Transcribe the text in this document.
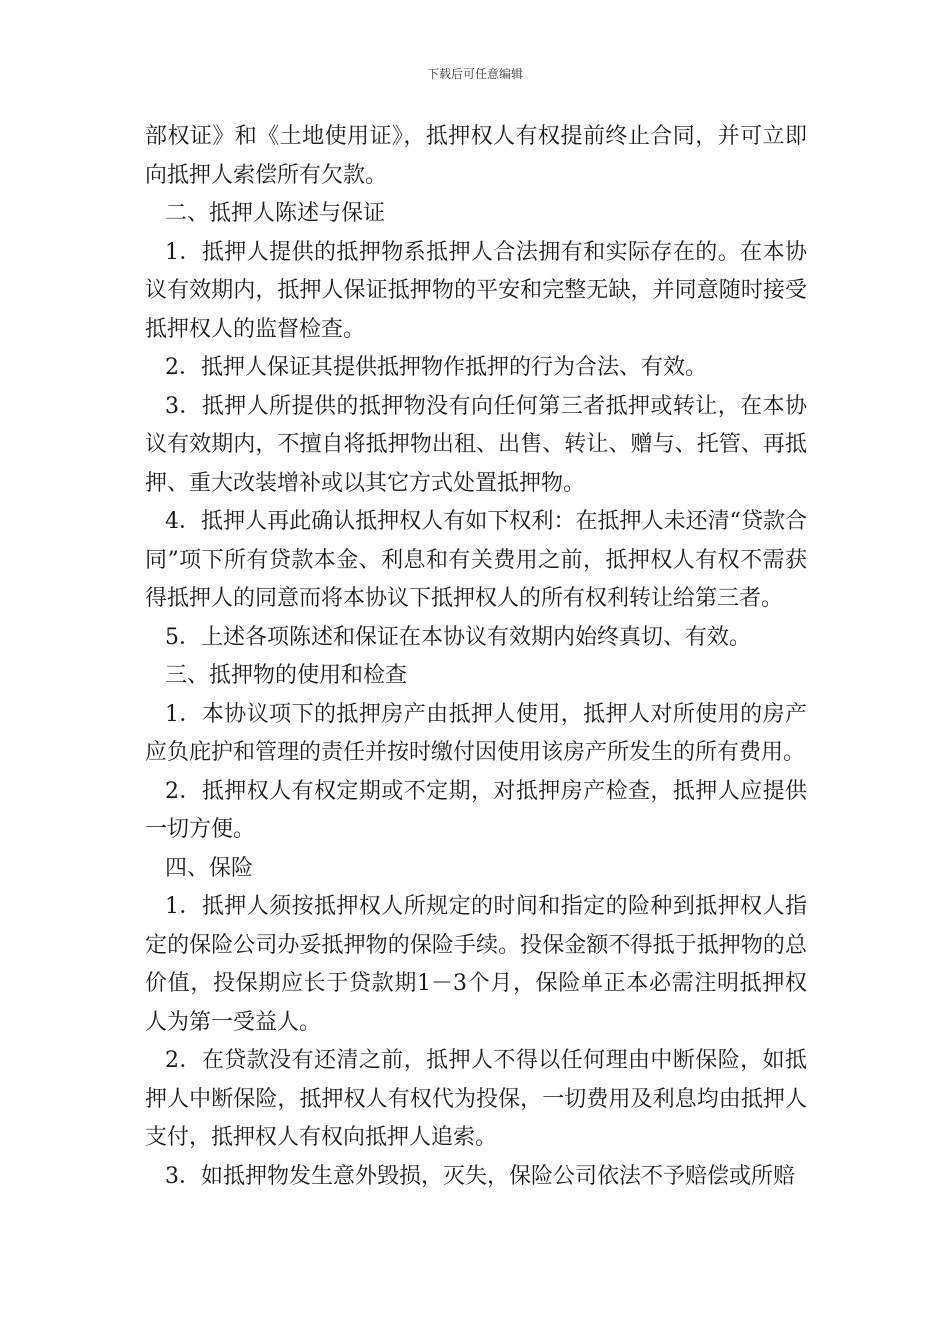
下载后可任意编辑

部权证》和《土地使用证》，抵押权人有权提前终止合同，并可立即向抵押人索偿所有欠款。

二、抵押人陈述与保证

1．抵押人提供的抵押物系抵押人合法拥有和实际存在的。在本协议有效期内，抵押人保证抵押物的平安和完整无缺，并同意随时接受抵押权人的监督检查。

2．抵押人保证其提供抵押物作抵押的行为合法、有效。

3．抵押人所提供的抵押物没有向任何第三者抵押或转让，在本协议有效期内，不擅自将抵押物出租、出售、转让、赠与、托管、再抵押、重大改装增补或以其它方式处置抵押物。

4．抵押人再此确认抵押权人有如下权利：在抵押人未还清“贷款合同”项下所有贷款本金、利息和有关费用之前，抵押权人有权不需获得抵押人的同意而将本协议下抵押权人的所有权利转让给第三者。

5．上述各项陈述和保证在本协议有效期内始终真切、有效。

三、抵押物的使用和检查

1．本协议项下的抵押房产由抵押人使用，抵押人对所使用的房产应负庇护和管理的责任并按时缴付因使用该房产所发生的所有费用。

2．抵押权人有权定期或不定期，对抵押房产检查，抵押人应提供一切方便。

四、保险

1．抵押人须按抵押权人所规定的时间和指定的险种到抵押权人指定的保险公司办妥抵押物的保险手续。投保金额不得抵于抵押物的总价值，投保期应长于贷款期1－3个月，保险单正本必需注明抵押权人为第一受益人。

2．在贷款没有还清之前，抵押人不得以任何理由中断保险，如抵押人中断保险，抵押权人有权代为投保，一切费用及利息均由抵押人支付，抵押权人有权向抵押人追索。

3．如抵押物发生意外毁损，灭失，保险公司依法不予赔偿或所赔
